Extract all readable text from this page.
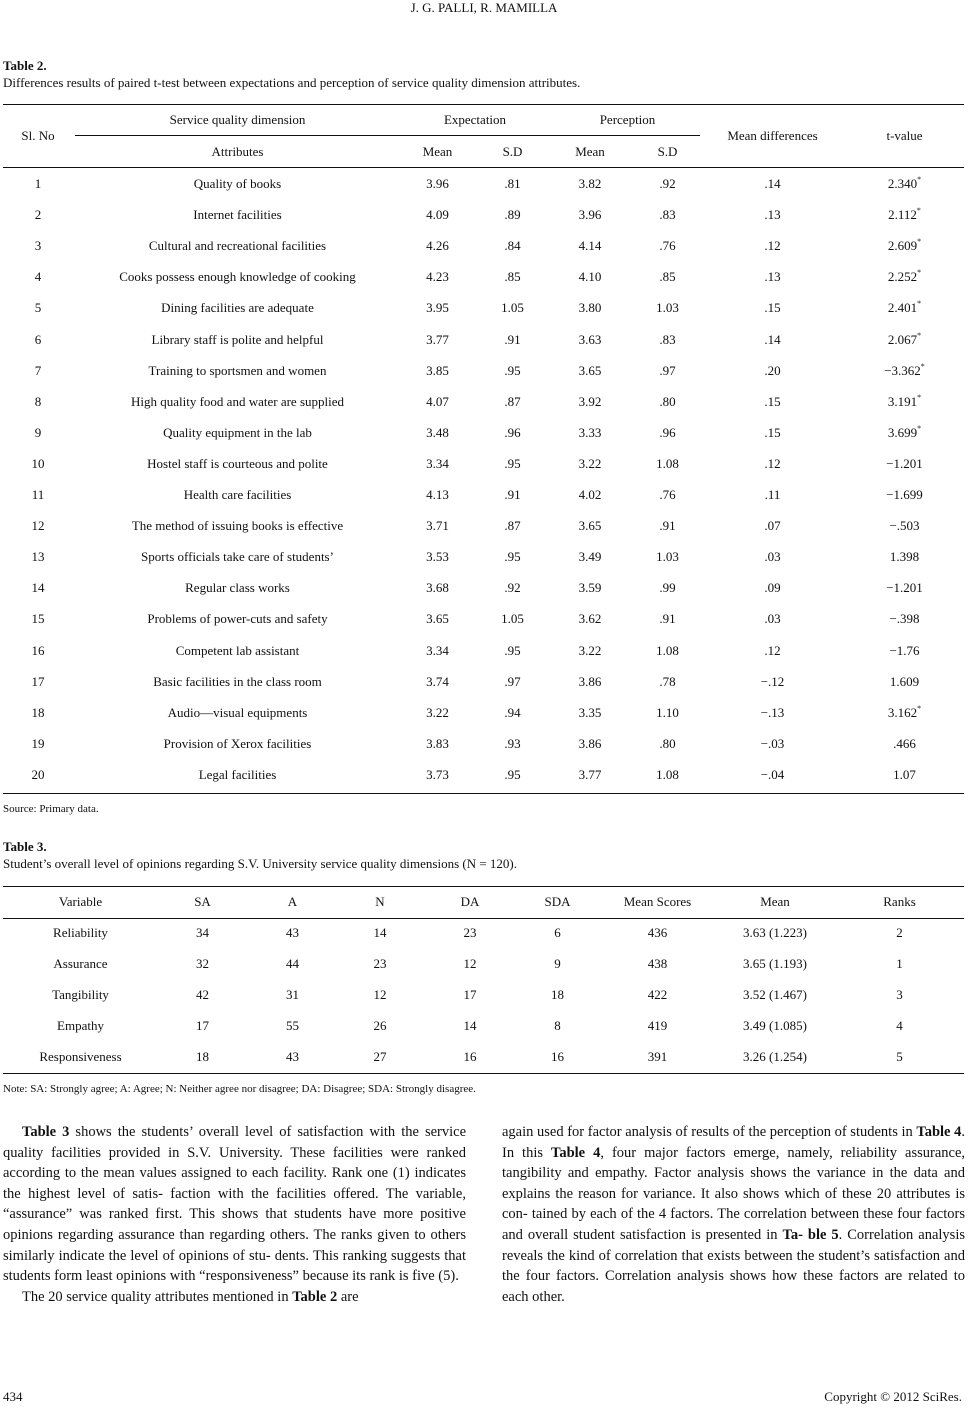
J. G. PALLI, R. MAMILLA
Table 2.
Differences results of paired t-test between expectations and perception of service quality dimension attributes.
Sl. No
Service quality dimension	Expectation	Perception
Mean differences	t-value
Attributes	Mean	S.D	Mean	S.D
1	Quality of books	3.96	.81	3.82	.92	.14	2.340*
2	Internet facilities	4.09	.89	3.96	.83	.13	2.112*
3	Cultural and recreational facilities	4.26	.84	4.14	.76	.12	2.609*
4	Cooks possess enough knowledge of cooking	4.23	.85	4.10	.85	.13	2.252*
5	Dining facilities are adequate	3.95	1.05	3.80	1.03	.15	2.401*
6	Library staff is polite and helpful	3.77	.91	3.63	.83	.14	2.067*
7	Training to sportsmen and women	3.85	.95	3.65	.97	.20	−3.362*
8	High quality food and water are supplied	4.07	.87	3.92	.80	.15	3.191*
9	Quality equipment in the lab	3.48	.96	3.33	.96	.15	3.699*
10	Hostel staff is courteous and polite	3.34	.95	3.22	1.08	.12	−1.201
11	Health care facilities	4.13	.91	4.02	.76	.11	−1.699
12	The method of issuing books is effective	3.71	.87	3.65	.91	.07	−.503
13	Sports officials take care of students’	3.53	.95	3.49	1.03	.03	1.398
14	Regular class works	3.68	.92	3.59	.99	.09	−1.201
15	Problems of power-cuts and safety	3.65	1.05	3.62	.91	.03	−.398
16	Competent lab assistant	3.34	.95	3.22	1.08	.12	−1.76
17	Basic facilities in the class room	3.74	.97	3.86	.78	−.12	1.609
18	Audio—visual equipments	3.22	.94	3.35	1.10	−.13	3.162*
19	Provision of Xerox facilities	3.83	.93	3.86	.80	−.03	.466
20	Legal facilities	3.73	.95	3.77	1.08	−.04	1.07
Source: Primary data.
Table 3.
Student’s overall level of opinions regarding S.V. University service quality dimensions (N = 120).
Variable	SA	A	N	DA	SDA	Mean Scores	Mean	Ranks
Reliability	34	43	14	23	6	436	3.63 (1.223)	2
Assurance	32	44	23	12	9	438	3.65 (1.193)	1
Tangibility	42	31	12	17	18	422	3.52 (1.467)	3
Empathy	17	55	26	14	8	419	3.49 (1.085)	4
Responsiveness	18	43	27	16	16	391	3.26 (1.254)	5
Note: SA: Strongly agree; A: Agree; N: Neither agree nor disagree; DA: Disagree; SDA: Strongly disagree.

Table 3 shows the students’ overall level of satisfaction with the service quality facilities provided in S.V. University. These facilities were ranked according to the mean values assigned to each facility. Rank one (1) indicates the highest level of satis- faction with the facilities offered. The variable, “assurance” was ranked first. This shows that students have more positive opinions regarding assurance than regarding others. The ranks given to others similarly indicate the level of opinions of stu- dents. This ranking suggests that students form least opinions with “responsiveness” because its rank is five (5).

The 20 service quality attributes mentioned in Table 2 are

again used for factor analysis of results of the perception of students in Table 4. In this Table 4, four major factors emerge, namely, reliability assurance, tangibility and empathy. Factor analysis shows the variance in the data and explains the reason for variance. It also shows which of these 20 attributes is con- tained by each of the 4 factors. The correlation between these four factors and overall student satisfaction is presented in Ta- ble 5. Correlation analysis reveals the kind of correlation that exists between the student’s satisfaction and the four factors. Correlation analysis shows how these factors are related to each other.

434	Copyright © 2012 SciRes.
